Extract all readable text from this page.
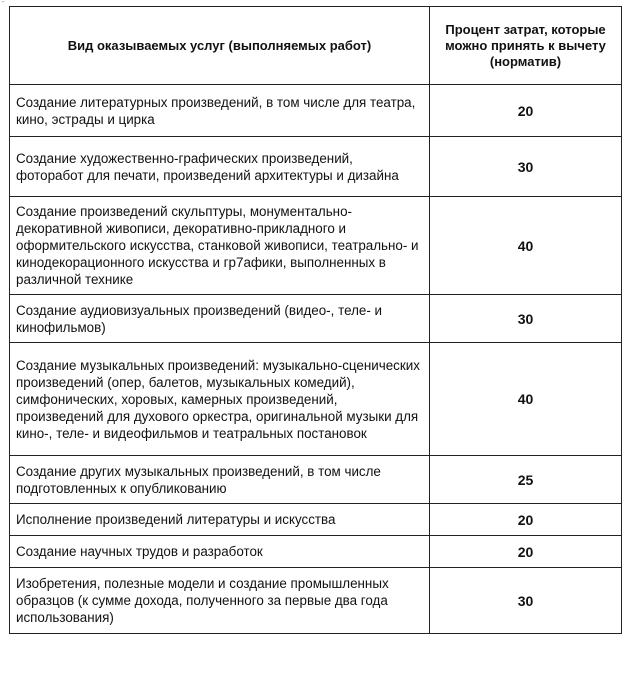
⌐
Вид оказываемых услуг (выполняемых работ)	Процент затрат, которые можно принять к вычету (норматив)
Создание литературных произведений, в том числе для театра, кино, эстрады и цирка	20
Создание художественно-графических произведений, фоторабот для печати, произведений архитектуры и дизайна	30
Создание произведений скульптуры, монументально-декоративной живописи, декоративно-прикладного и оформительского искусства, станковой живописи, театрально- и кинодекорационного искусства и гр7афики, выполненных в различной технике	40
Создание аудиовизуальных произведений (видео-, теле- и кинофильмов)	30
Создание музыкальных произведений: музыкально-сценических произведений (опер, балетов, музыкальных комедий), симфонических, хоровых, камерных произведений, произведений для духового оркестра, оригинальной музыки для кино-, теле- и видеофильмов и театральных постановок	40
Создание других музыкальных произведений, в том числе подготовленных к опубликованию	25
Исполнение произведений литературы и искусства	20
Создание научных трудов и разработок	20
Изобретения, полезные модели и создание промышленных образцов (к сумме дохода, полученного за первые два года использования)	30
